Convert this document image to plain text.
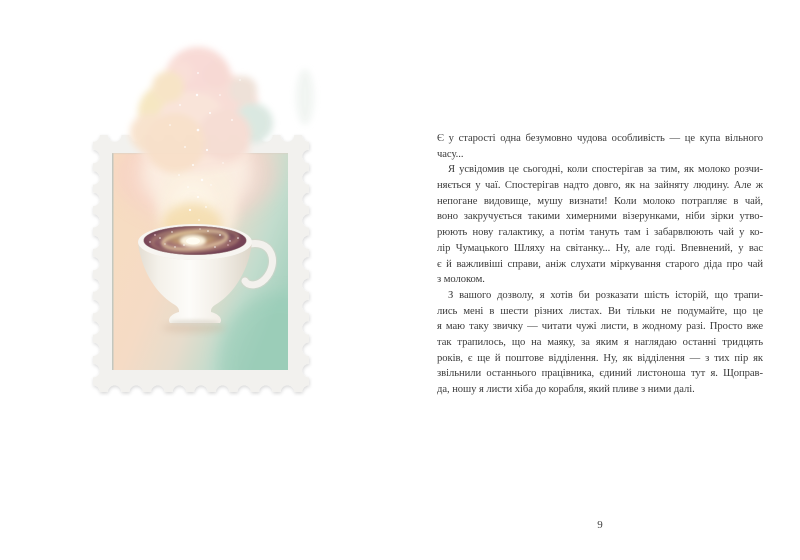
Є у старості одна безумовно чудова особливість — це купа вільного
часу...
Я усвідомив це сьогодні, коли спостерігав за тим, як молоко розчи-
няється у чаї. Спостерігав надто довго, як на зайняту людину. Але ж
непогане видовище, мушу визнати! Коли молоко потрапляє в чай,
воно закручується такими химерними візерунками, ніби зірки утво-
рюють нову галактику, а потім тануть там і забарвлюють чай у ко-
лір Чумацького Шляху на світанку... Ну, але годі. Впевнений, у вас
є й важливіші справи, аніж слухати міркування старого діда про чай
з молоком.
З вашого дозволу, я хотів би розказати шість історій, що трапи-
лись мені в шести різних листах. Ви тільки не подумайте, що це
я маю таку звичку — читати чужі листи, в жодному разі. Просто вже
так трапилось, що на маяку, за яким я наглядаю останні тридцять
років, є ще й поштове відділення. Ну, як відділення — з тих пір як
звільнили останнього працівника, єдиний листоноша тут я. Щоправ-
да, ношу я листи хіба до корабля, який пливе з ними далі.
9
